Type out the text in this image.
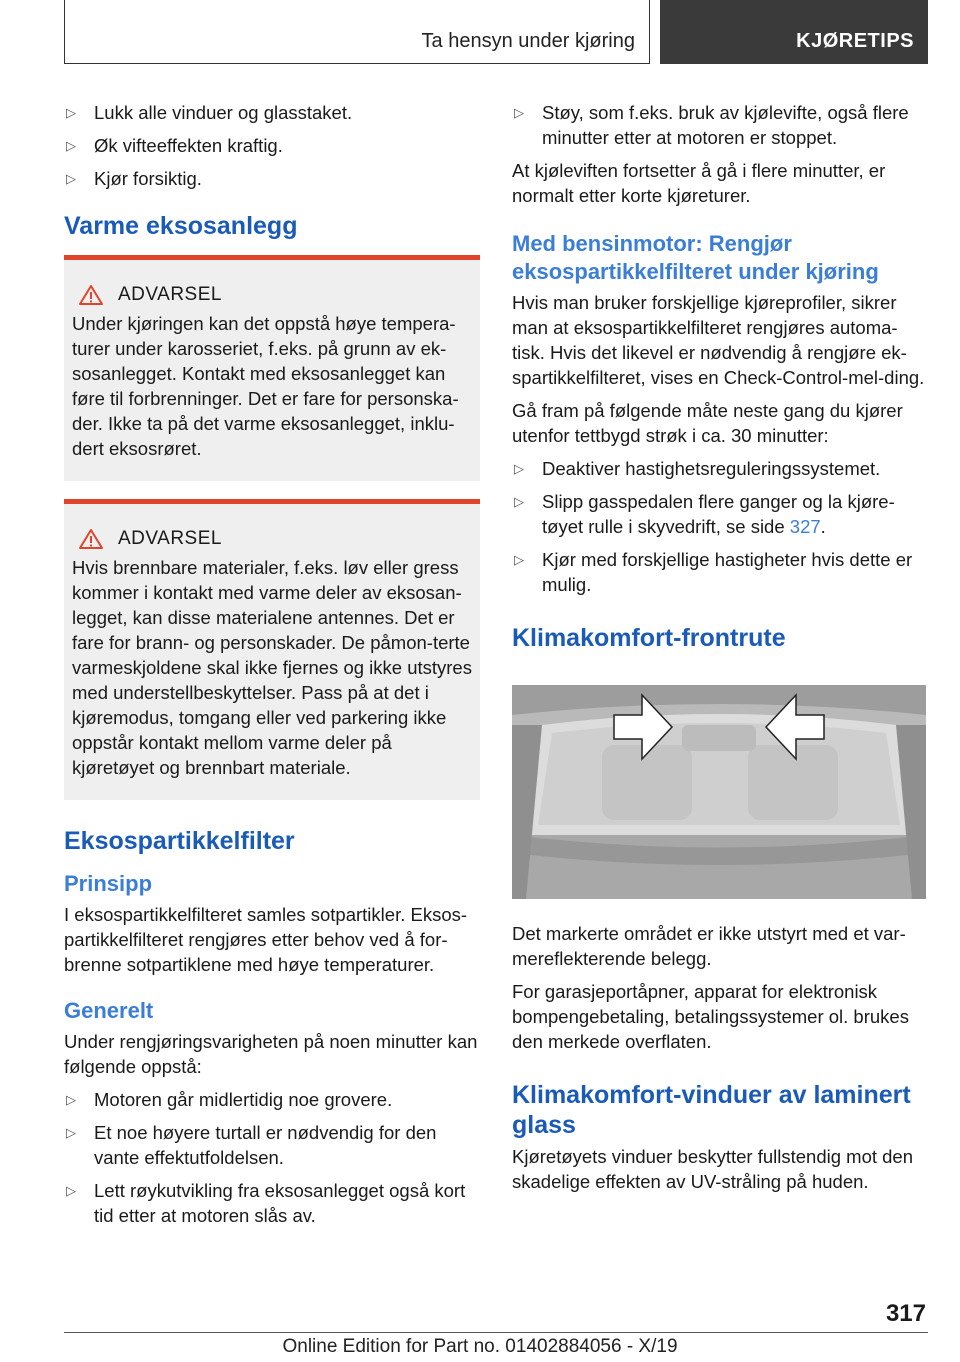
Ta hensyn under kjøring	KJØRETIPS
▷ Lukk alle vinduer og glasstaket.
▷ Øk vifteeffekten kraftig.
▷ Kjør forsiktig.
Varme eksosanlegg
ADVARSEL
Under kjøringen kan det oppstå høye tempera-turer under karosseriet, f.eks. på grunn av ek-sosanlegget. Kontakt med eksosanlegget kan føre til forbrenninger. Det er fare for personska-der. Ikke ta på det varme eksosanlegget, inklu-dert eksosrøret.
ADVARSEL
Hvis brennbare materialer, f.eks. løv eller gress kommer i kontakt med varme deler av eksosan-legget, kan disse materialene antennes. Det er fare for brann- og personskader. De påmon-terte varmeskjoldene skal ikke fjernes og ikke utstyres med understellbeskyttelser. Pass på at det i kjøremodus, tomgang eller ved parkering ikke oppstår kontakt mellom varme deler på kjøretøyet og brennbart materiale.
Eksospartikkelfilter
Prinsipp

I eksospartikkelfilteret samles sotpartikler. Eksos-partikkelfilteret rengjøres etter behov ved å for-brenne sotpartiklene med høye temperaturer.

Generelt

Under rengjøringsvarigheten på noen minutter kan følgende oppstå:

▷ Motoren går midlertidig noe grovere.
▷ Et noe høyere turtall er nødvendig for den vante effektutfoldelsen.
▷ Lett røykutvikling fra eksosanlegget også kort tid etter at motoren slås av.
▷ Støy, som f.eks. bruk av kjølevifte, også flere minutter etter at motoren er stoppet.

At kjøleviften fortsetter å gå i flere minutter, er normalt etter korte kjøreturer.

Med bensinmotor: Rengjør eksospartikkelfilteret under kjøring

Hvis man bruker forskjellige kjøreprofiler, sikrer man at eksospartikkelfilteret rengjøres automa-tisk. Hvis det likevel er nødvendig å rengjøre ek-spartikkelfilteret, vises en Check-Control-mel-ding.

Gå fram på følgende måte neste gang du kjører utenfor tettbygd strøk i ca. 30 minutter:

▷ Deaktiver hastighetsreguleringssystemet.
▷ Slipp gasspedalen flere ganger og la kjøre-tøyet rulle i skyvedrift, se side 327.
▷ Kjør med forskjellige hastigheter hvis dette er mulig.
Klimakomfort-frontrute

Det markerte området er ikke utstyrt med et var-mereflekterende belegg.

For garasjeportåpner, apparat for elektronisk bompengebetaling, betalingssystemer ol. brukes den merkede overflaten.

Klimakomfort-vinduer av laminert glass

Kjøretøyets vinduer beskytter fullstendig mot den skadelige effekten av UV-stråling på huden.

317
Online Edition for Part no. 01402884056 - X/19
